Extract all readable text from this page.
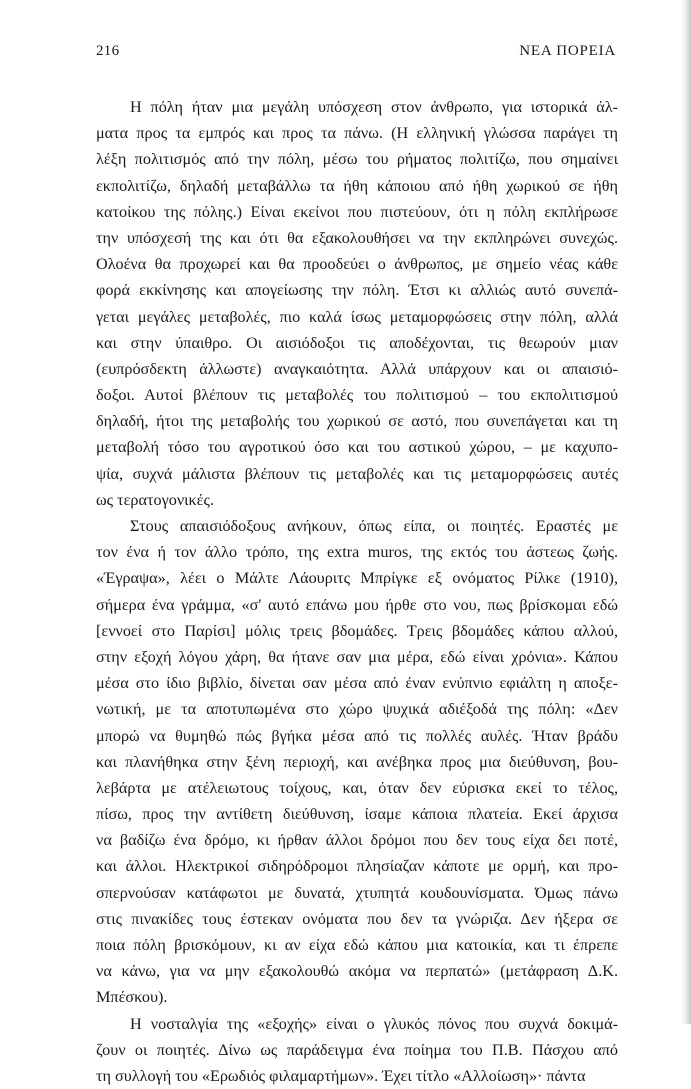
216	ΝΕΑ ΠΟΡΕΙΑ
Η πόλη ήταν μια μεγάλη υπόσχεση στον άνθρωπο, για ιστορικά άλ-
ματα προς τα εμπρός και προς τα πάνω. (Η ελληνική γλώσσα παράγει τη
λέξη πολιτισμός από την πόλη, μέσω του ρήματος πολιτίζω, που σημαίνει
εκπολιτίζω, δηλαδή μεταβάλλω τα ήθη κάποιου από ήθη χωρικού σε ήθη
κατοίκου της πόλης.) Είναι εκείνοι που πιστεύουν, ότι η πόλη εκπλήρωσε
την υπόσχεσή της και ότι θα εξακολουθήσει να την εκπληρώνει συνεχώς.
Ολοένα θα προχωρεί και θα προοδεύει ο άνθρωπος, με σημείο νέας κάθε
φορά εκκίνησης και απογείωσης την πόλη. Έτσι κι αλλιώς αυτό συνεπά-
γεται μεγάλες μεταβολές, πιο καλά ίσως μεταμορφώσεις στην πόλη, αλλά
και στην ύπαιθρο. Οι αισιόδοξοι τις αποδέχονται, τις θεωρούν μιαν
(ευπρόσδεκτη άλλωστε) αναγκαιότητα. Αλλά υπάρχουν και οι απαισιό-
δοξοι. Αυτοί βλέπουν τις μεταβολές του πολιτισμού – του εκπολιτισμού
δηλαδή, ήτοι της μεταβολής του χωρικού σε αστό, που συνεπάγεται και τη
μεταβολή τόσο του αγροτικού όσο και του αστικού χώρου, – με καχυπο-
ψία, συχνά μάλιστα βλέπουν τις μεταβολές και τις μεταμορφώσεις αυτές
ως τερατογονικές.
Στους απαισιόδοξους ανήκουν, όπως είπα, οι ποιητές. Εραστές με
τον ένα ή τον άλλο τρόπο, της extra muros, της εκτός του άστεως ζωής.
«Έγραψα», λέει ο Μάλτε Λάουριτς Μπρίγκε εξ ονόματος Ρίλκε (1910),
σήμερα ένα γράμμα, «σ' αυτό επάνω μου ήρθε στο νου, πως βρίσκομαι εδώ
[εννοεί στο Παρίσι] μόλις τρεις βδομάδες. Τρεις βδομάδες κάπου αλλού,
στην εξοχή λόγου χάρη, θα ήτανε σαν μια μέρα, εδώ είναι χρόνια». Κάπου
μέσα στο ίδιο βιβλίο, δίνεται σαν μέσα από έναν ενύπνιο εφιάλτη η αποξε-
νωτική, με τα αποτυπωμένα στο χώρο ψυχικά αδιέξοδά της πόλη: «Δεν
μπορώ να θυμηθώ πώς βγήκα μέσα από τις πολλές αυλές. Ήταν βράδυ
και πλανήθηκα στην ξένη περιοχή, και ανέβηκα προς μια διεύθυνση, βου-
λεβάρτα με ατέλειωτους τοίχους, και, όταν δεν εύρισκα εκεί το τέλος,
πίσω, προς την αντίθετη διεύθυνση, ίσαμε κάποια πλατεία. Εκεί άρχισα
να βαδίζω ένα δρόμο, κι ήρθαν άλλοι δρόμοι που δεν τους είχα δει ποτέ,
και άλλοι. Ηλεκτρικοί σιδηρόδρομοι πλησίαζαν κάποτε με ορμή, και προ-
σπερνούσαν κατάφωτοι με δυνατά, χτυπητά κουδουνίσματα. Όμως πάνω
στις πινακίδες τους έστεκαν ονόματα που δεν τα γνώριζα. Δεν ήξερα σε
ποια πόλη βρισκόμουν, κι αν είχα εδώ κάπου μια κατοικία, και τι έπρεπε
να κάνω, για να μην εξακολουθώ ακόμα να περπατώ» (μετάφραση Δ.Κ.
Μπέσκου).
Η νοσταλγία της «εξοχής» είναι ο γλυκός πόνος που συχνά δοκιμά-
ζουν οι ποιητές. Δίνω ως παράδειγμα ένα ποίημα του Π.Β. Πάσχου από
τη συλλογή του «Ερωδιός φιλαμαρτήμων». Έχει τίτλο «Αλλοίωση»· πάντα
